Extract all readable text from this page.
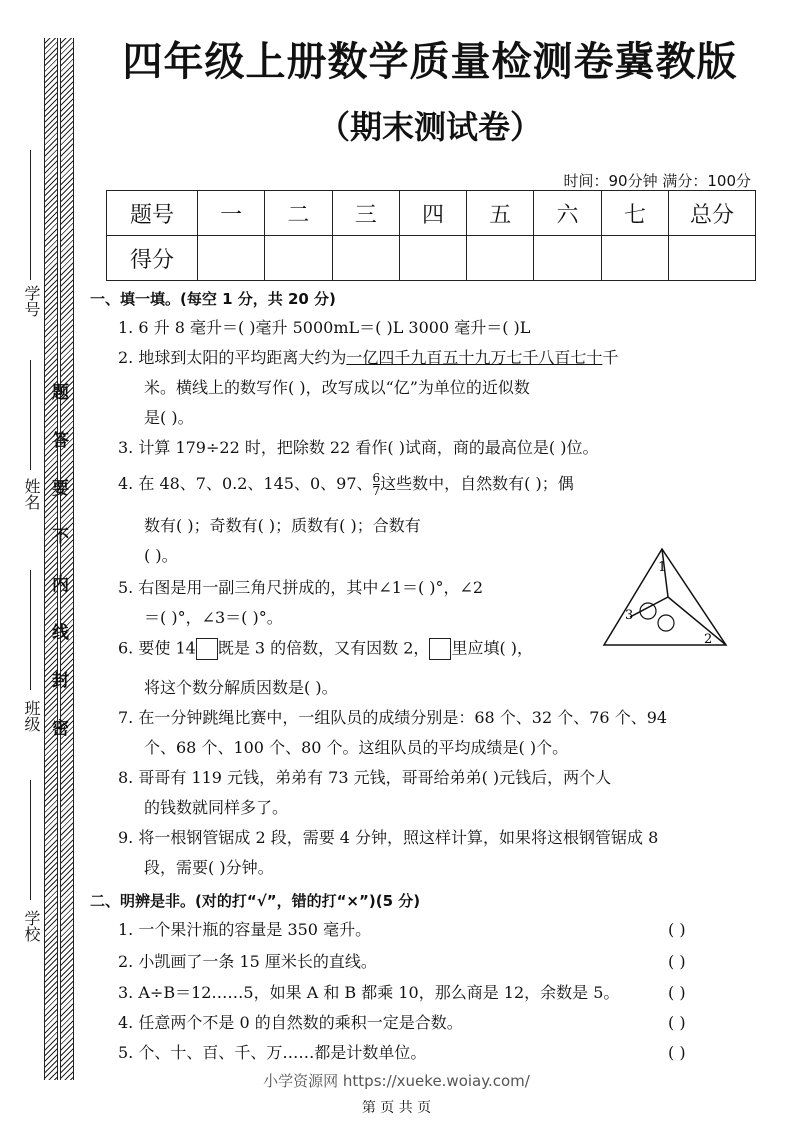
学号
姓名
班级
学校
题
答
要
不
内
线
封
密
四年级上册数学质量检测卷冀教版
（期末测试卷）
时间：90分钟 满分：100分
题号	一	二	三	四	五	六	七	总分
得分								
一、填一填。(每空 1 分，共 20 分)
1. 6 升 8 毫升＝( )毫升 5000mL＝( )L 3000 毫升＝( )L
2. 地球到太阳的平均距离大约为一亿四千九百五十九万七千八百七十千
米。横线上的数写作( )，改写成以“亿”为单位的近似数
是( )。
3. 计算 179÷22 时，把除数 22 看作( )试商，商的最高位是( )位。
4. 在 48、7、0.2、145、0、97、 $\frac{6}{7}$ 这些数中，自然数有( )；偶
数有( )；奇数有( )；质数有( )；合数有
( )。
5. 右图是用一副三角尺拼成的，其中∠1＝( )°，∠2
＝( )°，∠3＝( )°。
1
2
3
6. 要使 14 既是 3 的倍数，又有因数 2， 里应填( )，
将这个数分解质因数是( )。
7. 在一分钟跳绳比赛中，一组队员的成绩分别是：68 个、32 个、76 个、94
个、68 个、100 个、80 个。这组队员的平均成绩是( )个。
8. 哥哥有 119 元钱，弟弟有 73 元钱，哥哥给弟弟( )元钱后，两个人
的钱数就同样多了。
9. 将一根钢管锯成 2 段，需要 4 分钟，照这样计算，如果将这根钢管锯成 8
段，需要( )分钟。
二、明辨是非。(对的打“√”，错的打“×”)(5 分)
1. 一个果汁瓶的容量是 350 毫升。	( )
2. 小凯画了一条 15 厘米长的直线。	( )
3. A÷B＝12……5，如果 A 和 B 都乘 10，那么商是 12，余数是 5。	( )
4. 任意两个不是 0 的自然数的乘积一定是合数。	( )
5. 个、十、百、千、万……都是计数单位。	( )
小学资源网 https://xueke.woiay.com/
第 页 共 页
